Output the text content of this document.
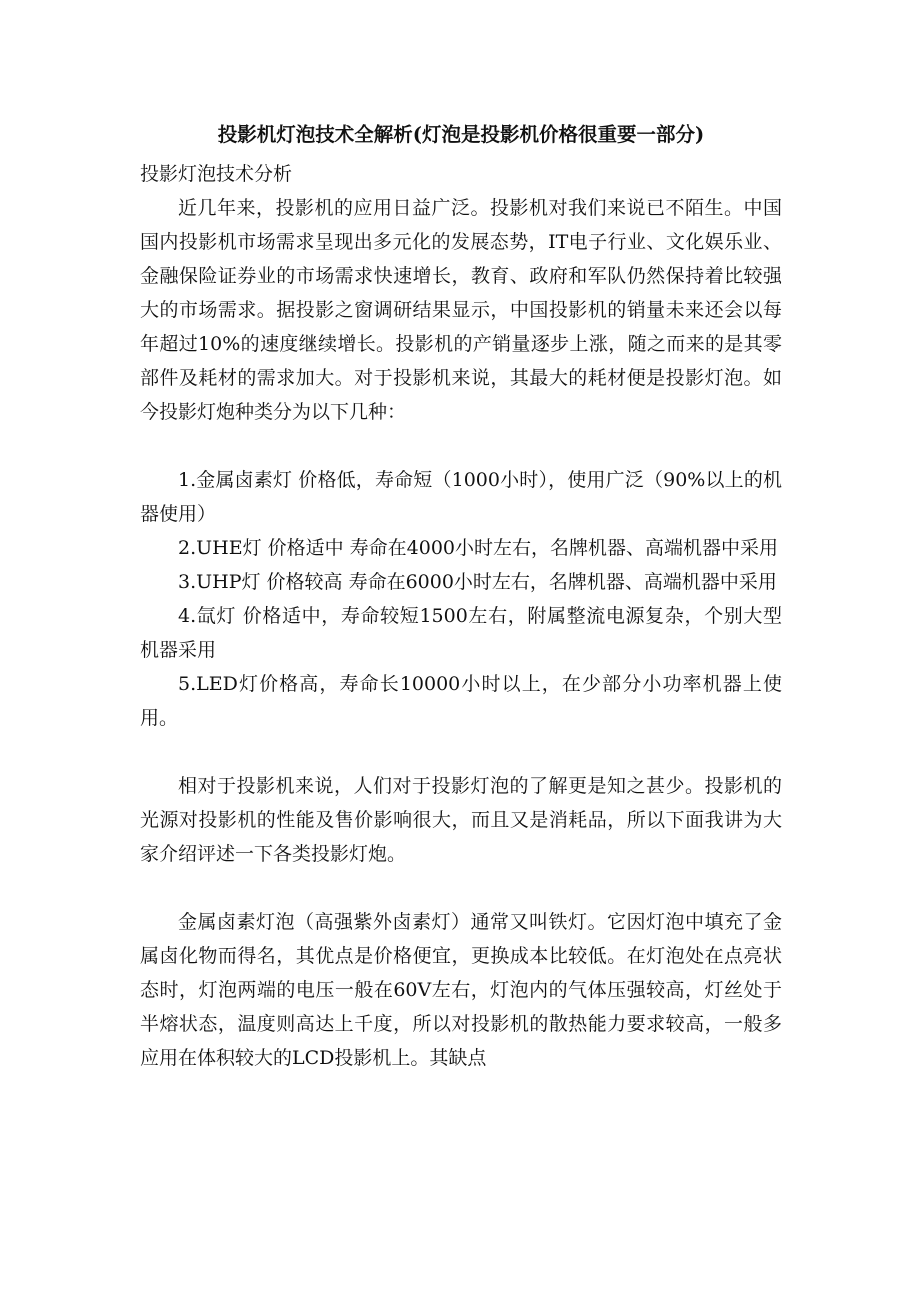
投影机灯泡技术全解析(灯泡是投影机价格很重要一部分)
投影灯泡技术分析

近几年来，投影机的应用日益广泛。投影机对我们来说已不陌生。中国国内投影机市场需求呈现出多元化的发展态势，IT电子行业、文化娱乐业、金融保险证券业的市场需求快速增长，教育、政府和军队仍然保持着比较强大的市场需求。据投影之窗调研结果显示，中国投影机的销量未来还会以每年超过10%的速度继续增长。投影机的产销量逐步上涨，随之而来的是其零部件及耗材的需求加大。对于投影机来说，其最大的耗材便是投影灯泡。如今投影灯炮种类分为以下几种：

1.金属卤素灯 价格低，寿命短（1000小时），使用广泛（90%以上的机器使用）

2.UHE灯 价格适中 寿命在4000小时左右，名牌机器、高端机器中采用

3.UHP灯 价格较高 寿命在6000小时左右，名牌机器、高端机器中采用

4.氙灯 价格适中，寿命较短1500左右，附属整流电源复杂，个别大型机器采用

5.LED灯价格高，寿命长10000小时以上，在少部分小功率机器上使用。

相对于投影机来说，人们对于投影灯泡的了解更是知之甚少。投影机的光源对投影机的性能及售价影响很大，而且又是消耗品，所以下面我讲为大家介绍评述一下各类投影灯炮。

金属卤素灯泡（高强紫外卤素灯）通常又叫铁灯。它因灯泡中填充了金属卤化物而得名，其优点是价格便宜，更换成本比较低。在灯泡处在点亮状态时，灯泡两端的电压一般在60V左右，灯泡内的气体压强较高，灯丝处于半熔状态，温度则高达上千度，所以对投影机的散热能力要求较高，一般多应用在体积较大的LCD投影机上。其缺点
